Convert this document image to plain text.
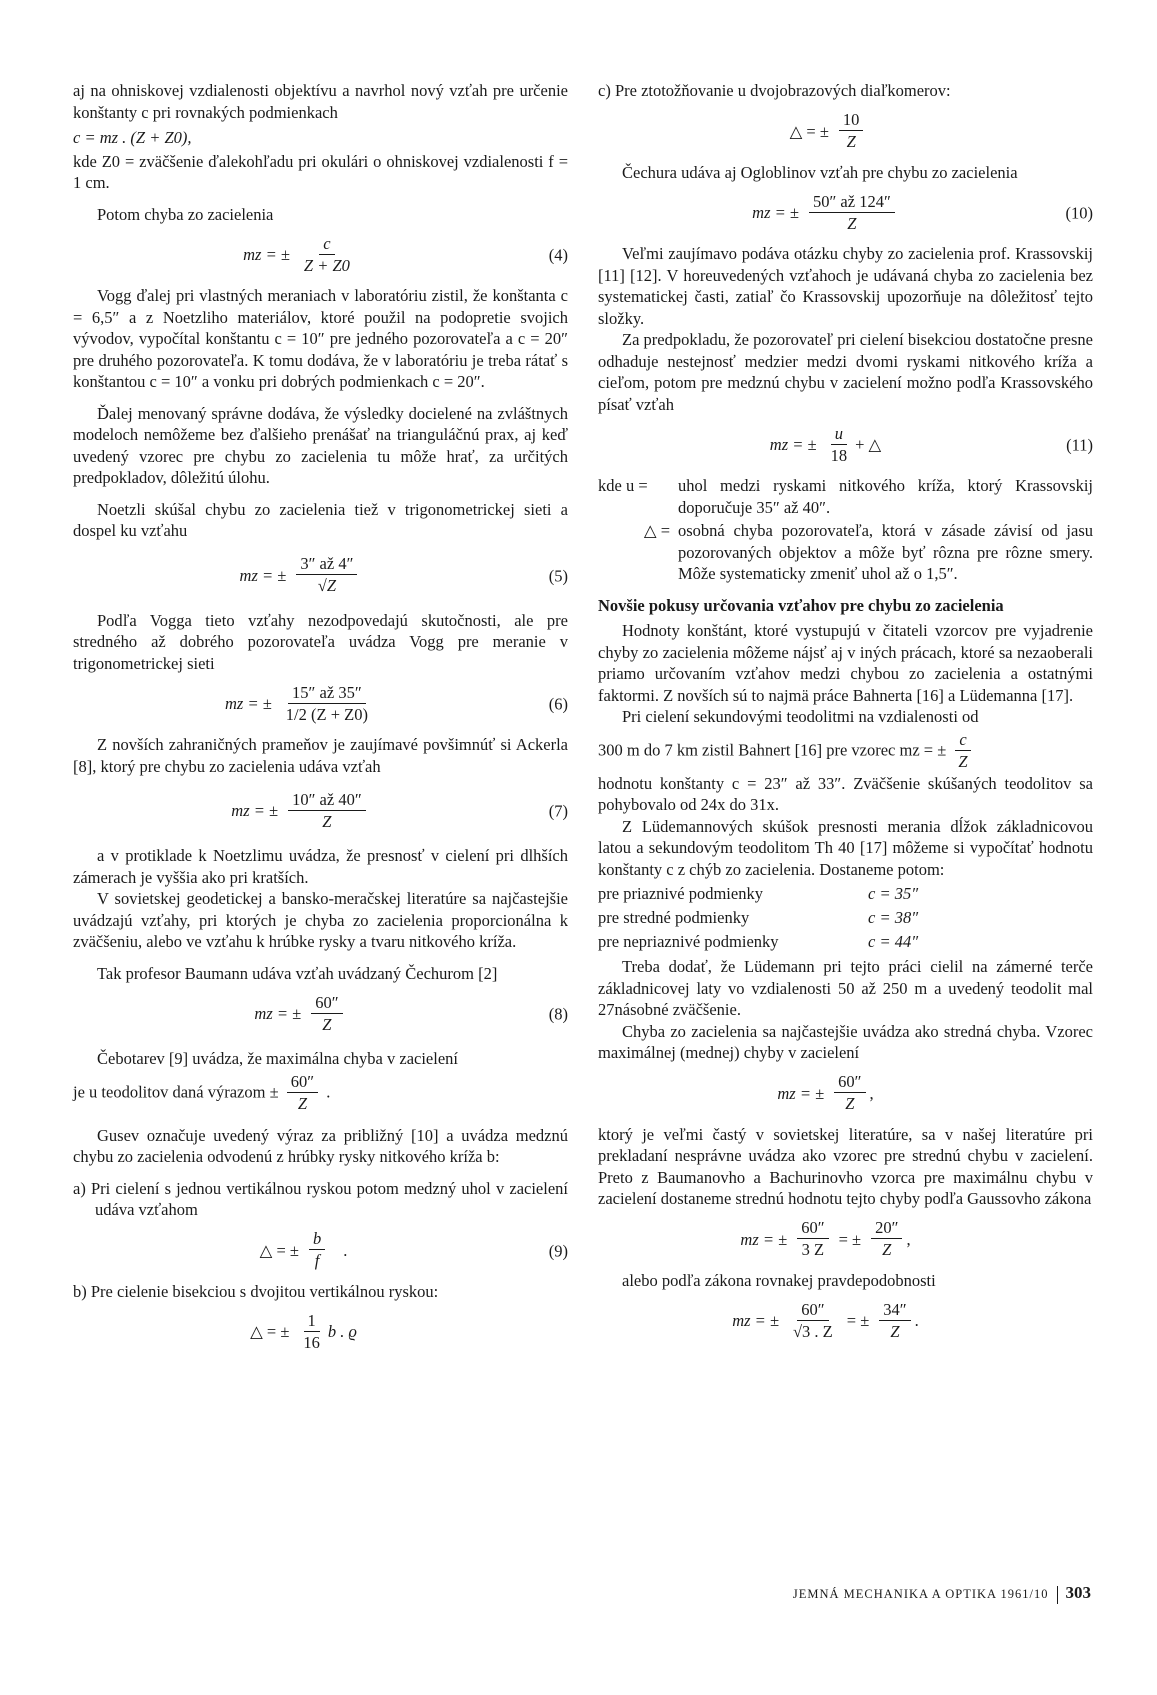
aj na ohniskovej vzdialenosti objektívu a navrhol nový vzťah pre určenie konštanty c pri rovnakých podmienkach

c = mz . (Z + Z0),

kde Z0 = zväčšenie ďalekohľadu pri okulári o ohniskovej vzdialenosti f = 1 cm.

Potom chyba zo zacielenia

mz = ± $\frac{c}{Z + Z0}$	(4)

Vogg ďalej pri vlastných meraniach v laboratóriu zistil, že konštanta c = 6,5″ a z Noetzliho materiálov, ktoré použil na podopretie svojich vývodov, vypočítal konštantu c = 10″ pre jedného pozorovateľa a c = 20″ pre druhého pozorovateľa. K tomu dodáva, že v laboratóriu je treba rátať s konštantou c = 10″ a vonku pri dobrých podmienkach c = 20″.

Ďalej menovaný správne dodáva, že výsledky docielené na zvláštnych modeloch nemôžeme bez ďalšieho prenášať na trianguláčnú prax, aj keď uvedený vzorec pre chybu zo zacielenia tu môže hrať, za určitých predpokladov, dôležitú úlohu.

Noetzli skúšal chybu zo zacielenia tiež v trigonometrickej sieti a dospel ku vzťahu

mz = ± $\frac{3'' až 4''}{√Z}$	(5)

Podľa Vogga tieto vzťahy nezodpovedajú skutočnosti, ale pre stredného až dobrého pozorovateľa uvádza Vogg pre meranie v trigonometrickej sieti

mz = ± $\frac{15'' až 35''}{1/2 (Z + Z0)}$	(6)

Z novších zahraničných prameňov je zaujímavé povšimnúť si Ackerla [8], ktorý pre chybu zo zacielenia udáva vzťah

mz = ± $\frac{10'' až 40''}{Z}$	(7)

a v protiklade k Noetzlimu uvádza, že presnosť v cielení pri dlhších zámerach je vyššia ako pri kratších.

V sovietskej geodetickej a bansko-meračskej literatúre sa najčastejšie uvádzajú vzťahy, pri ktorých je chyba zo zacielenia proporcionálna k zväčšeniu, alebo ve vzťahu k hrúbke rysky a tvaru nitkového kríža.

Tak profesor Baumann udáva vzťah uvádzaný Čechurom [2]

mz = ± $\frac{60''}{Z}$	(8)

Čebotarev [9] uvádza, že maximálna chyba v zacielení

je u teodolitov daná výrazom ± $\frac{60''}{Z}$ .

Gusev označuje uvedený výraz za približný [10] a uvádza medznú chybu zo zacielenia odvodenú z hrúbky rysky nitkového kríža b:

a) Pri cielení s jednou vertikálnou ryskou potom medzný uhol v zacielení udáva vzťahom

△ = ± $\frac{b}{f}$ .	(9)

b) Pre cielenie bisekciou s dvojitou vertikálnou ryskou:

△ = ± $\frac{1}{16}$ b . ϱ

c) Pre ztotožňovanie u dvojobrazových diaľkomerov:

△ = ± $\frac{10}{Z}$

Čechura udáva aj Ogloblinov vzťah pre chybu zo zacielenia

mz = ± $\frac{50'' až 124''}{Z}$	(10)

Veľmi zaujímavo podáva otázku chyby zo zacielenia prof. Krassovskij [11] [12]. V horeuvedených vzťahoch je udávaná chyba zo zacielenia bez systematickej časti, zatiaľ čo Krassovskij upozorňuje na dôležitosť tejto složky.

Za predpokladu, že pozorovateľ pri cielení bisekciou dostatočne presne odhaduje nestejnosť medzier medzi dvomi ryskami nitkového kríža a cieľom, potom pre medznú chybu v zacielení možno podľa Krassovského písať vzťah

mz = ± $\frac{u}{18}$ + △	(11)
kde u =	uhol medzi ryskami nitkového kríža, ktorý Krassovskij doporučuje 35″ až 40″.
△ = osobná chyba pozorovateľa, ktorá v zásade závisí od jasu pozorovaných objektov a môže byť rôzna pre rôzne smery. Môže systematicky zmeniť uhol až o 1,5″.

Novšie pokusy určovania vzťahov pre chybu zo zacielenia

Hodnoty konštánt, ktoré vystupujú v čitateli vzorcov pre vyjadrenie chyby zo zacielenia môžeme nájsť aj v iných prácach, ktoré sa nezaoberali priamo určovaním vzťahov medzi chybou zo zacielenia a ostatnými faktormi. Z novších sú to najmä práce Bahnerta [16] a Lüdemanna [17].

Pri cielení sekundovými teodolitmi na vzdialenosti od

300 m do 7 km zistil Bahnert [16] pre vzorec mz = ± $\frac{c}{Z}$

hodnotu konštanty c = 23″ až 33″. Zväčšenie skúšaných teodolitov sa pohybovalo od 24x do 31x.

Z Lüdemannových skúšok presnosti merania dĺžok základnicovou latou a sekundovým teodolitom Th 40 [17] môžeme si vypočítať hodnotu konštanty c z chýb zo zacielenia. Dostaneme potom:

pre priaznivé podmienky	c = 35″
pre stredné podmienky	c = 38″
pre nepriaznivé podmienky	c = 44″

Treba dodať, že Lüdemann pri tejto práci cielil na zámerné terče základnicovej laty vo vzdialenosti 50 až 250 m a uvedený teodolit mal 27násobné zväčšenie.

Chyba zo zacielenia sa najčastejšie uvádza ako stredná chyba. Vzorec maximálnej (mednej) chyby v zacielení

mz = ± $\frac{60''}{Z}$ ,

ktorý je veľmi častý v sovietskej literatúre, sa v našej literatúre pri prekladaní nesprávne uvádza ako vzorec pre strednú chybu v zacielení. Preto z Baumanovho a Bachurinovho vzorca pre maximálnu chybu v zacielení dostaneme strednú hodnotu tejto chyby podľa Gaussovho zákona

mz = ± $\frac{60''}{3 Z}$ = ± $\frac{20''}{Z}$ ,

alebo podľa zákona rovnakej pravdepodobnosti

mz = ± $\frac{60''}{√3 . Z}$ = ± $\frac{34''}{Z}$ .
JEMNÁ MECHANIKA A OPTIKA 1961/10 303
